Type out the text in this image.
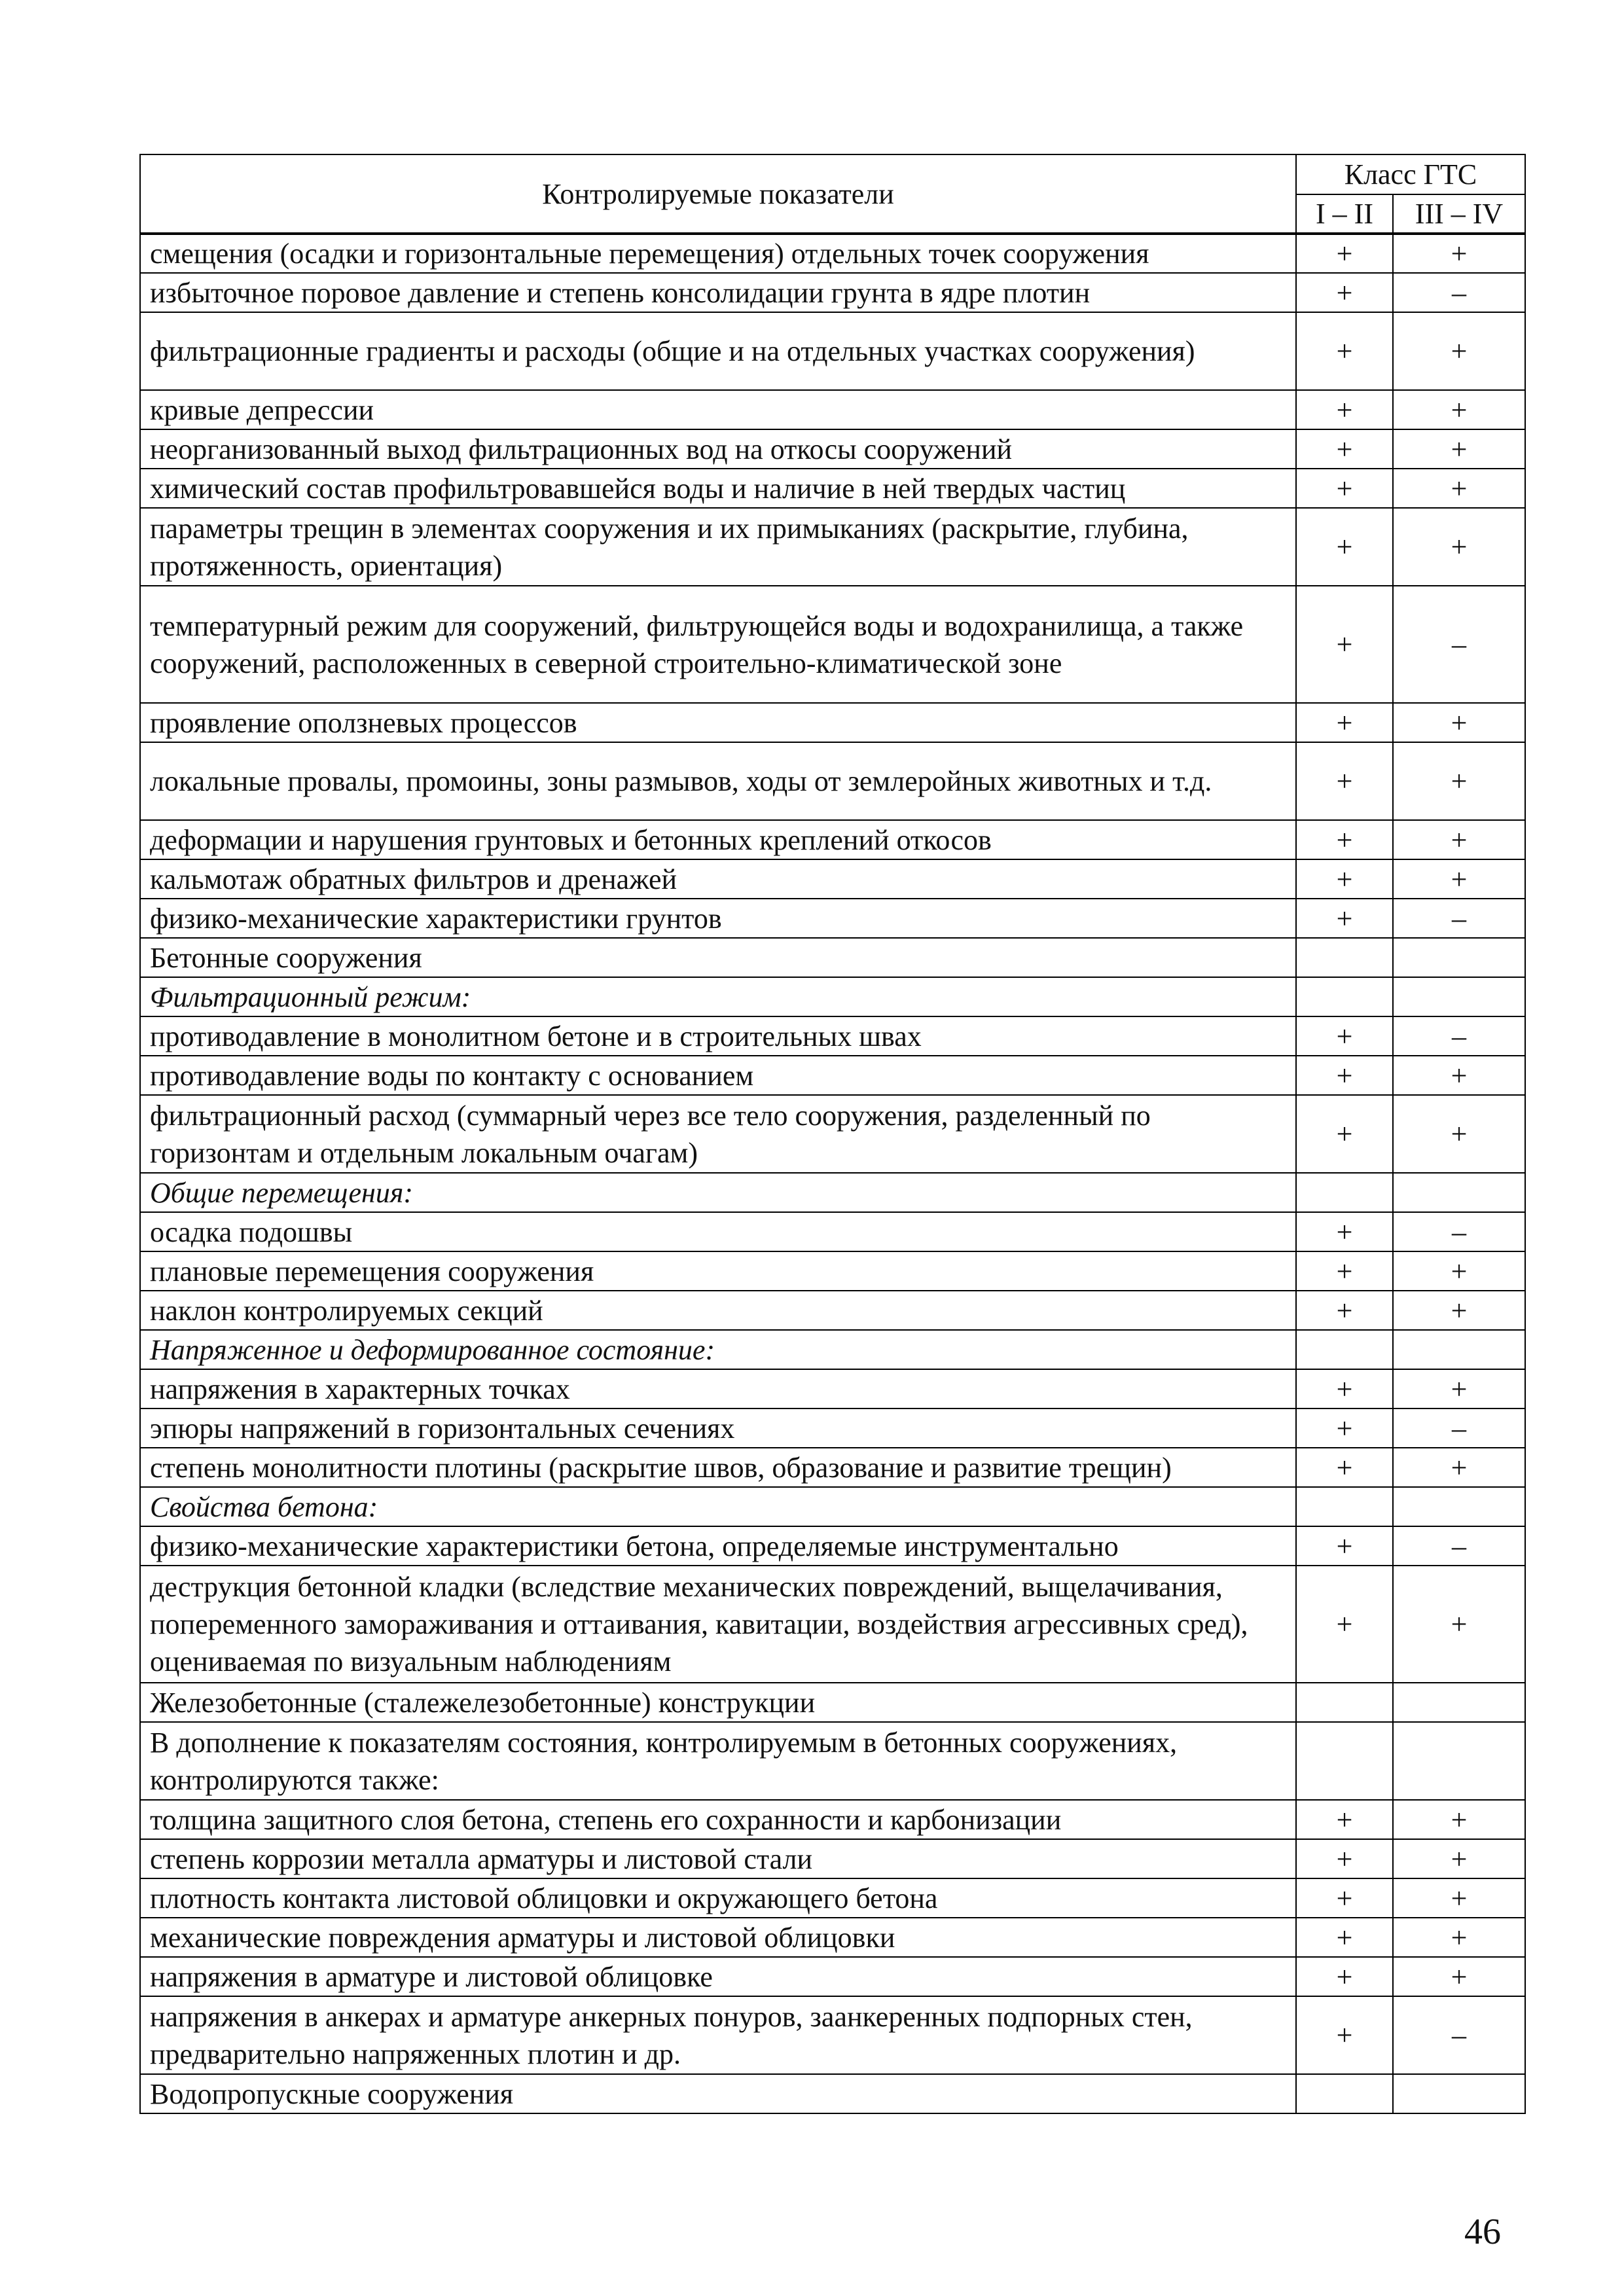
Контролируемые показатели	Класс ГТС	
	I – II	III – IV
смещения (осадки и горизонтальные перемещения) отдельных точек сооружения	+	+
избыточное поровое давление и степень консолидации грунта в ядре плотин	+	–
фильтрационные градиенты и расходы (общие и на отдельных участках сооружения)	+	+
кривые депрессии	+	+
неорганизованный выход фильтрационных вод на откосы сооружений	+	+
химический состав профильтровавшейся воды и наличие в ней твердых частиц	+	+
параметры трещин в элементах сооружения и их примыканиях (раскрытие, глубина, протяженность, ориентация)	+	+
температурный режим для сооружений, фильтрующейся воды и водохранилища, а также сооружений, расположенных в северной строительно-климатической зоне	+	–
проявление оползневых процессов	+	+
локальные провалы, промоины, зоны размывов, ходы от землеройных животных и т.д.	+	+
деформации и нарушения грунтовых и бетонных креплений откосов	+	+
кальмотаж обратных фильтров и дренажей	+	+
физико-механические характеристики грунтов	+	–
Бетонные сооружения		
Фильтрационный режим:		
противодавление в монолитном бетоне и в строительных швах	+	–
противодавление воды по контакту с основанием	+	+
фильтрационный расход (суммарный через все тело сооружения, разделенный по горизонтам и отдельным локальным очагам)	+	+
Общие перемещения:		
осадка подошвы	+	–
плановые перемещения сооружения	+	+
наклон контролируемых секций	+	+
Напряженное и деформированное состояние:		
напряжения в характерных точках	+	+
эпюры напряжений в горизонтальных сечениях	+	–
степень монолитности плотины (раскрытие швов, образование и развитие трещин)	+	+
Свойства бетона:		
физико-механические характеристики бетона, определяемые инструментально	+	–
деструкция бетонной кладки (вследствие механических повреждений, выщелачивания, попеременного замораживания и оттаивания, кавитации, воздействия агрессивных сред), оцениваемая по визуальным наблюдениям	+	+
Железобетонные (сталежелезобетонные) конструкции		
В дополнение к показателям состояния, контролируемым в бетонных сооружениях, контролируются также:		
толщина защитного слоя бетона, степень его сохранности и карбонизации	+	+
степень коррозии металла арматуры и листовой стали	+	+
плотность контакта листовой облицовки и окружающего бетона	+	+
механические повреждения арматуры и листовой облицовки	+	+
напряжения в арматуре и листовой облицовке	+	+
напряжения в анкерах и арматуре анкерных понуров, заанкеренных подпорных стен, предварительно напряженных плотин и др.	+	–
Водопропускные сооружения		
46
